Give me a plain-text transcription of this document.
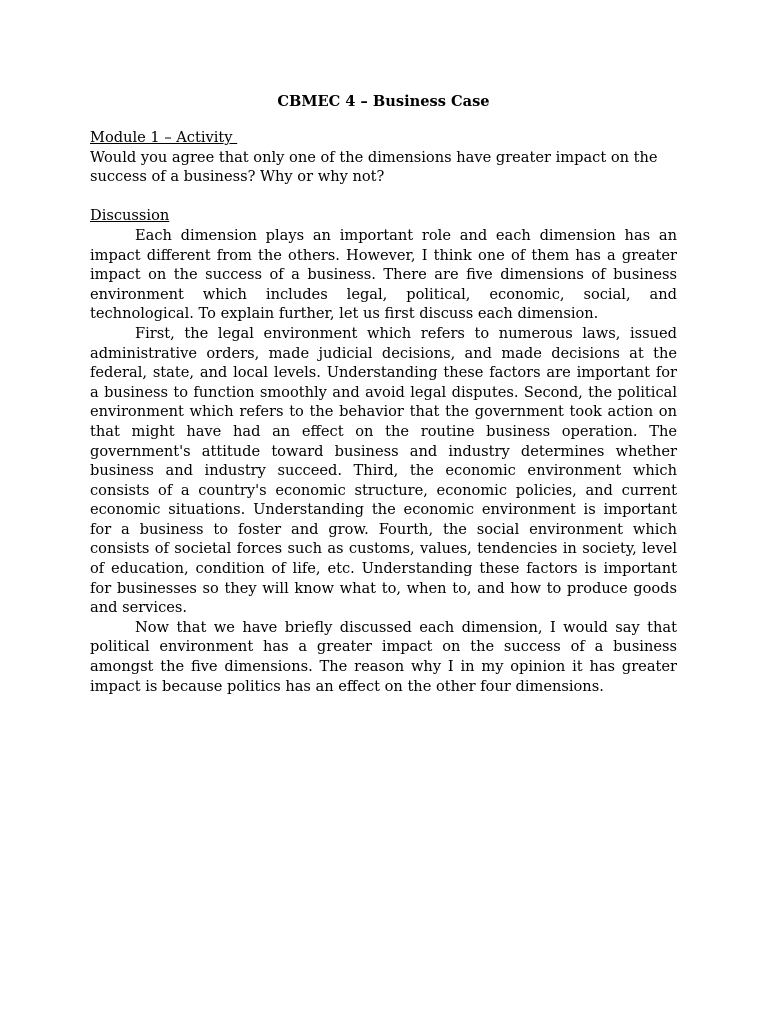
CBMEC 4 – Business Case
Module 1 – Activity
Would you agree that only one of the dimensions have greater impact on the success of a business? Why or why not?
Discussion

Each dimension plays an important role and each dimension has an impact different from the others. However, I think one of them has a greater impact on the success of a business. There are five dimensions of business environment which includes legal, political, economic, social, and technological. To explain further, let us first discuss each dimension.

First, the legal environment which refers to numerous laws, issued administrative orders, made judicial decisions, and made decisions at the federal, state, and local levels. Understanding these factors are important for a business to function smoothly and avoid legal disputes. Second, the political environment which refers to the behavior that the government took action on that might have had an effect on the routine business operation. The government's attitude toward business and industry determines whether business and industry succeed. Third, the economic environment which consists of a country's economic structure, economic policies, and current economic situations. Understanding the economic environment is important for a business to foster and grow. Fourth, the social environment which consists of societal forces such as customs, values, tendencies in society, level of education, condition of life, etc. Understanding these factors is important for businesses so they will know what to, when to, and how to produce goods and services.

Now that we have briefly discussed each dimension, I would say that political environment has a greater impact on the success of a business amongst the five dimensions. The reason why I in my opinion it has greater impact is because politics has an effect on the other four dimensions.
